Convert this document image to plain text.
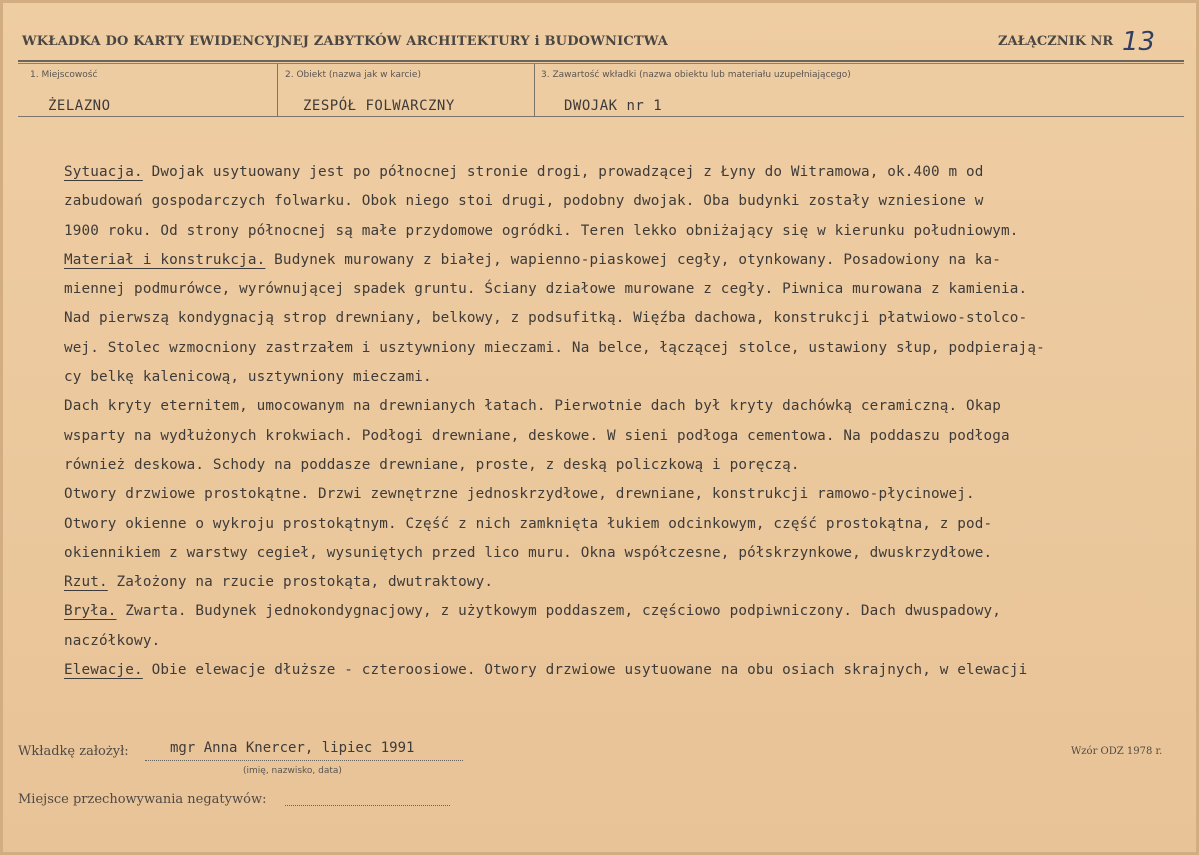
WKŁADKA DO KARTY EWIDENCYJNEJ ZABYTKÓW ARCHITEKTURY i BUDOWNICTWA	ZAŁĄCZNIK NR 13
1. Miejscowość
ŻELAZNO
2. Obiekt (nazwa jak w karcie)
ZESPÓŁ FOLWARCZNY
3. Zawartość wkładki (nazwa obiektu lub materiału uzupełniającego)
DWOJAK nr 1
Sytuacja. Dwojak usytuowany jest po północnej stronie drogi, prowadzącej z Łyny do Witramowa, ok.400 m od
zabudowań gospodarczych folwarku. Obok niego stoi drugi, podobny dwojak. Oba budynki zostały wzniesione w
1900 roku. Od strony północnej są małe przydomowe ogródki. Teren lekko obniżający się w kierunku południowym.
Materiał i konstrukcja. Budynek murowany z białej, wapienno-piaskowej cegły, otynkowany. Posadowiony na ka-
miennej podmurówce, wyrównującej spadek gruntu. Ściany działowe murowane z cegły. Piwnica murowana z kamienia.
Nad pierwszą kondygnacją strop drewniany, belkowy, z podsufitką. Więźba dachowa, konstrukcji płatwiowo-stolco-
wej. Stolec wzmocniony zastrzałem i usztywniony mieczami. Na belce, łączącej stolce, ustawiony słup, podpierają-
cy belkę kalenicową, usztywniony mieczami.
Dach kryty eternitem, umocowanym na drewnianych łatach. Pierwotnie dach był kryty dachówką ceramiczną. Okap
wsparty na wydłużonych krokwiach. Podłogi drewniane, deskowe. W sieni podłoga cementowa. Na poddaszu podłoga
również deskowa. Schody na poddasze drewniane, proste, z deską policzkową i poręczą.
Otwory drzwiowe prostokątne. Drzwi zewnętrzne jednoskrzydłowe, drewniane, konstrukcji ramowo-płycinowej.
Otwory okienne o wykroju prostokątnym. Część z nich zamknięta łukiem odcinkowym, część prostokątna, z pod-
okiennikiem z warstwy cegieł, wysuniętych przed lico muru. Okna współczesne, półskrzynkowe, dwuskrzydłowe.
Rzut. Założony na rzucie prostokąta, dwutraktowy.
Bryła. Zwarta. Budynek jednokondygnacjowy, z użytkowym poddaszem, częściowo podpiwniczony. Dach dwuspadowy,
naczółkowy.
Elewacje. Obie elewacje dłuższe - czteroosiowe. Otwory drzwiowe usytuowane na obu osiach skrajnych, w elewacji
Wkładkę założył:	mgr Anna Knercer, lipiec 1991
(imię, nazwisko, data)
Wzór ODZ 1978 r.
Miejsce przechowywania negatywów:
